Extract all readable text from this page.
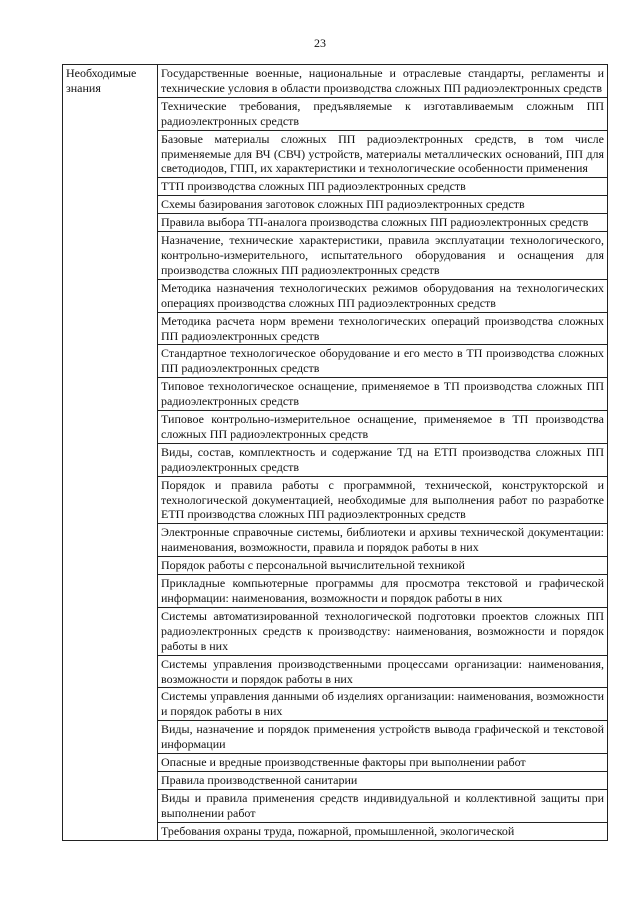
23
Необходимые знания	Государственные военные, национальные и отраслевые стандарты, регламенты и технические условия в области производства сложных ПП радиоэлектронных средств
Технические требования, предъявляемые к изготавливаемым сложным ПП радиоэлектронных средств
Базовые материалы сложных ПП радиоэлектронных средств, в том числе применяемые для ВЧ (СВЧ) устройств, материалы металлических оснований, ПП для светодиодов, ГПП, их характеристики и технологические особенности применения
ТТП производства сложных ПП радиоэлектронных средств
Схемы базирования заготовок сложных ПП радиоэлектронных средств
Правила выбора ТП-аналога производства сложных ПП радиоэлектронных средств
Назначение, технические характеристики, правила эксплуатации технологического, контрольно-измерительного, испытательного оборудования и оснащения для производства сложных ПП радиоэлектронных средств
Методика назначения технологических режимов оборудования на технологических операциях производства сложных ПП радиоэлектронных средств
Методика расчета норм времени технологических операций производства сложных ПП радиоэлектронных средств
Стандартное технологическое оборудование и его место в ТП производства сложных ПП радиоэлектронных средств
Типовое технологическое оснащение, применяемое в ТП производства сложных ПП радиоэлектронных средств
Типовое контрольно-измерительное оснащение, применяемое в ТП производства сложных ПП радиоэлектронных средств
Виды, состав, комплектность и содержание ТД на ЕТП производства сложных ПП радиоэлектронных средств
Порядок и правила работы с программной, технической, конструкторской и технологической документацией, необходимые для выполнения работ по разработке ЕТП производства сложных ПП радиоэлектронных средств
Электронные справочные системы, библиотеки и архивы технической документации: наименования, возможности, правила и порядок работы в них
Порядок работы с персональной вычислительной техникой
Прикладные компьютерные программы для просмотра текстовой и графической информации: наименования, возможности и порядок работы в них
Системы автоматизированной технологической подготовки проектов сложных ПП радиоэлектронных средств к производству: наименования, возможности и порядок работы в них
Системы управления производственными процессами организации: наименования, возможности и порядок работы в них
Системы управления данными об изделиях организации: наименования, возможности и порядок работы в них
Виды, назначение и порядок применения устройств вывода графической и текстовой информации
Опасные и вредные производственные факторы при выполнении работ
Правила производственной санитарии
Виды и правила применения средств индивидуальной и коллективной защиты при выполнении работ
Требования охраны труда, пожарной, промышленной, экологической
